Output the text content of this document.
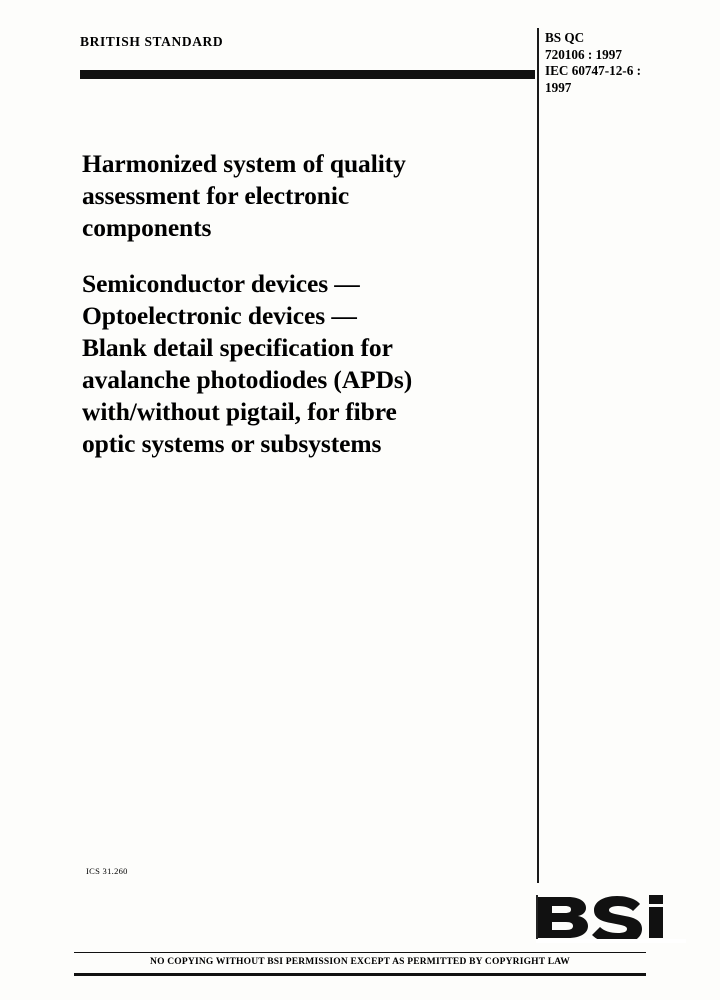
BRITISH STANDARD	BS QC
720106 : 1997
IEC 60747-12-6 :
1997
Harmonized system of quality
assessment for electronic
components
Semiconductor devices —
Optoelectronic devices —
Blank detail specification for
avalanche photodiodes (APDs)
with/without pigtail, for fibre
optic systems or subsystems
ICS 31.260
NO COPYING WITHOUT BSI PERMISSION EXCEPT AS PERMITTED BY COPYRIGHT LAW
